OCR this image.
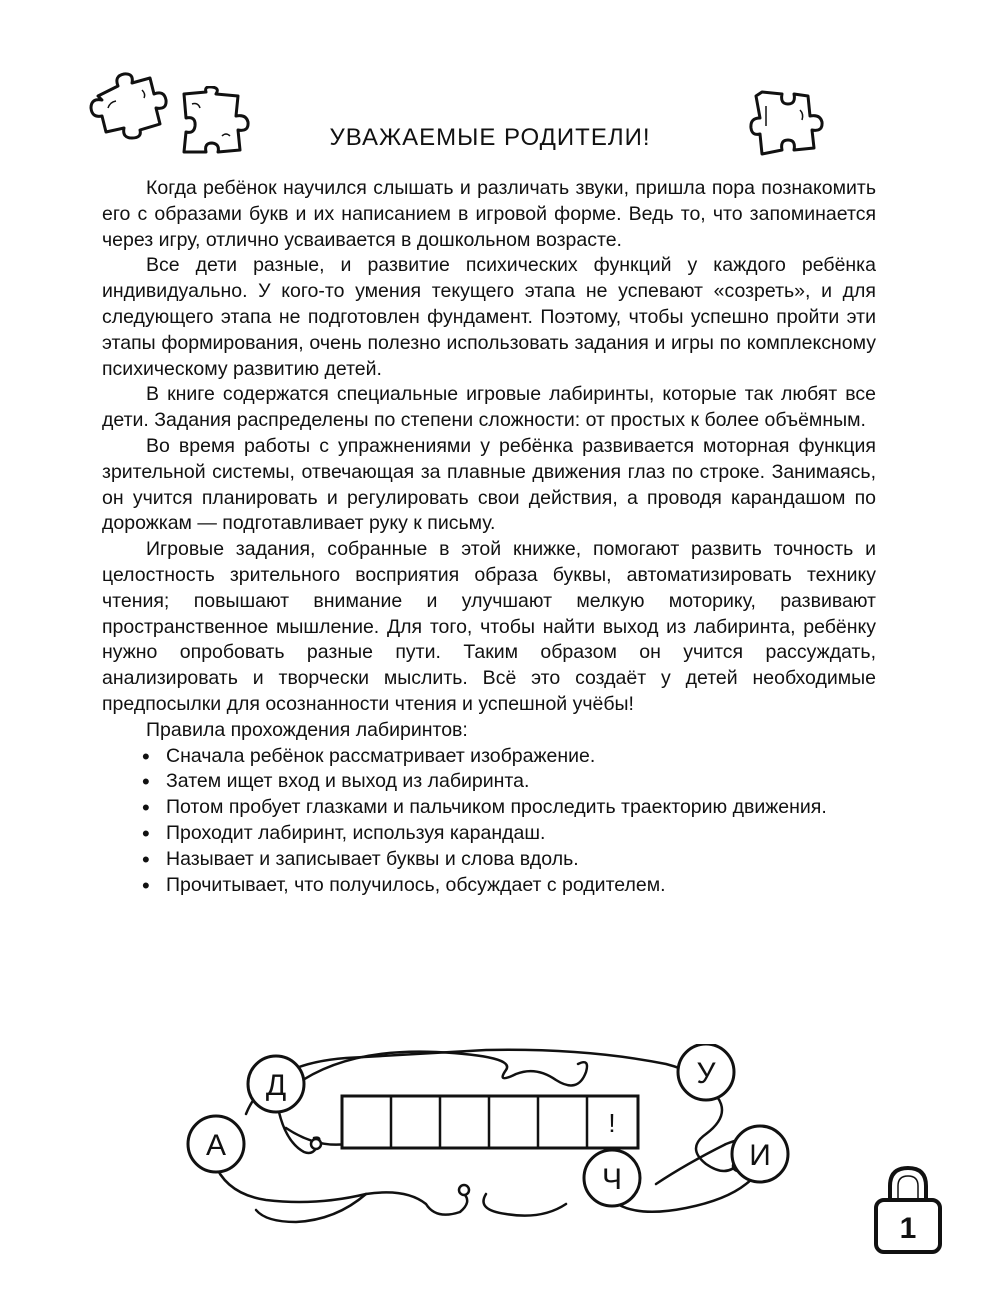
УВАЖАЕМЫЕ РОДИТЕЛИ!

Когда ребёнок научился слышать и различать звуки, пришла пора познакомить его с образами букв и их написанием в игровой форме. Ведь то, что запоминается через игру, отлично усваивается в дошкольном возрасте.

Все дети разные, и развитие психических функций у каждого ребёнка индивидуально. У кого-то умения текущего этапа не успевают «созреть», и для следующего этапа не подготовлен фундамент. Поэтому, чтобы успешно пройти эти этапы формирования, очень полезно использовать задания и игры по комплексному психическому развитию детей.

В книге содержатся специальные игровые лабиринты, которые так любят все дети. Задания распределены по степени сложности: от простых к более объёмным.

Во время работы с упражнениями у ребёнка развивается моторная функция зрительной системы, отвечающая за плавные движения глаз по строке. Занимаясь, он учится планировать и регулировать свои действия, а проводя карандашом по дорожкам — подготавливает руку к письму.

Игровые задания, собранные в этой книжке, помогают развить точность и целостность зрительного восприятия образа буквы, автоматизировать технику чтения; повышают внимание и улучшают мелкую моторику, развивают пространственное мышление. Для того, чтобы найти выход из лабиринта, ребёнку нужно опробовать разные пути. Таким образом он учится рассуждать, анализировать и творчески мыслить. Всё это создаёт у детей необходимые предпосылки для осознанности чтения и успешной учёбы!

Правила прохождения лабиринтов:

• Сначала ребёнок рассматривает изображение.
• Затем ищет вход и выход из лабиринта.
• Потом пробует глазками и пальчиком проследить траекторию движения.
• Проходит лабиринт, используя карандаш.
• Называет и записывает буквы и слова вдоль.
• Прочитывает, что получилось, обсуждает с родителем.
!
А
Д	У
И
Ч
1
